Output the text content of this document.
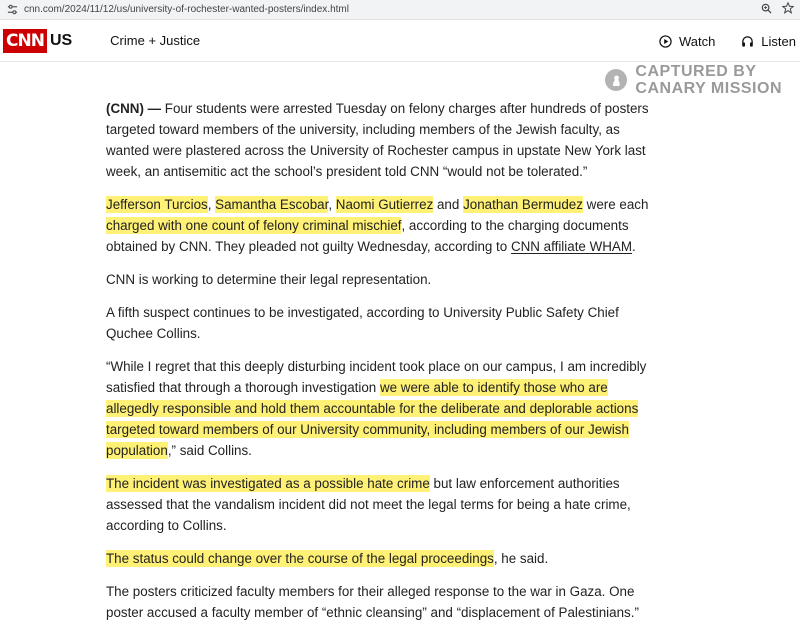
cnn.com/2024/11/12/us/university-of-rochester-wanted-posters/index.html
CNN US	Crime + Justice	Watch	Listen
CAPTURED BY
CANARY MISSION

(CNN) — Four students were arrested Tuesday on felony charges after hundreds of posters targeted toward members of the university, including members of the Jewish faculty, as wanted were plastered across the University of Rochester campus in upstate New York last week, an antisemitic act the school’s president told CNN “would not be tolerated.”

Jefferson Turcios, Samantha Escobar, Naomi Gutierrez and Jonathan Bermudez were each charged with one count of felony criminal mischief, according to the charging documents obtained by CNN. They pleaded not guilty Wednesday, according to CNN affiliate WHAM.

CNN is working to determine their legal representation.

A fifth suspect continues to be investigated, according to University Public Safety Chief Quchee Collins.

“While I regret that this deeply disturbing incident took place on our campus, I am incredibly satisfied that through a thorough investigation we were able to identify those who are allegedly responsible and hold them accountable for the deliberate and deplorable actions targeted toward members of our University community, including members of our Jewish population,” said Collins.

The incident was investigated as a possible hate crime but law enforcement authorities assessed that the vandalism incident did not meet the legal terms for being a hate crime, according to Collins.

The status could change over the course of the legal proceedings, he said.

The posters criticized faculty members for their alleged response to the war in Gaza. One poster accused a faculty member of “ethnic cleansing” and “displacement of Palestinians.”
